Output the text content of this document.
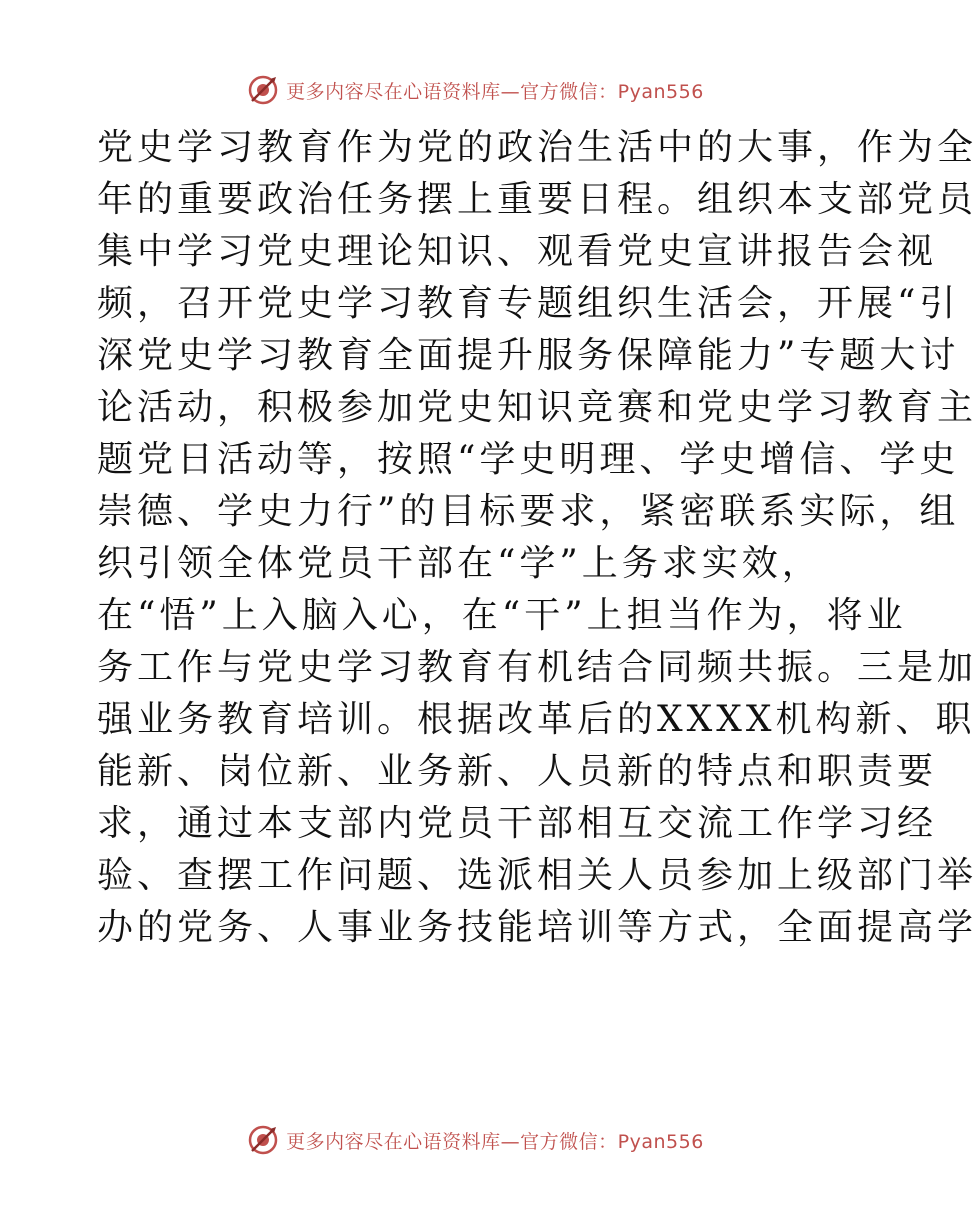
更多内容尽在心语资料库—官方微信：Pyan556
党史学习教育作为党的政治生活中的大事，作为全
年的重要政治任务摆上重要日程。组织本支部党员
集中学习党史理论知识、观看党史宣讲报告会视
频，召开党史学习教育专题组织生活会，开展“引
深党史学习教育全面提升服务保障能力”专题大讨
论活动，积极参加党史知识竞赛和党史学习教育主
题党日活动等，按照“学史明理、学史增信、学史
崇德、学史力行”的目标要求，紧密联系实际，组
织引领全体党员干部在“学”上务求实效，
在“悟”上入脑入心，在“干”上担当作为，将业
务工作与党史学习教育有机结合同频共振。三是加
强业务教育培训。根据改革后的XXXX机构新、职
能新、岗位新、业务新、人员新的特点和职责要
求，通过本支部内党员干部相互交流工作学习经
验、查摆工作问题、选派相关人员参加上级部门举
办的党务、人事业务技能培训等方式，全面提高学
更多内容尽在心语资料库—官方微信：Pyan556
